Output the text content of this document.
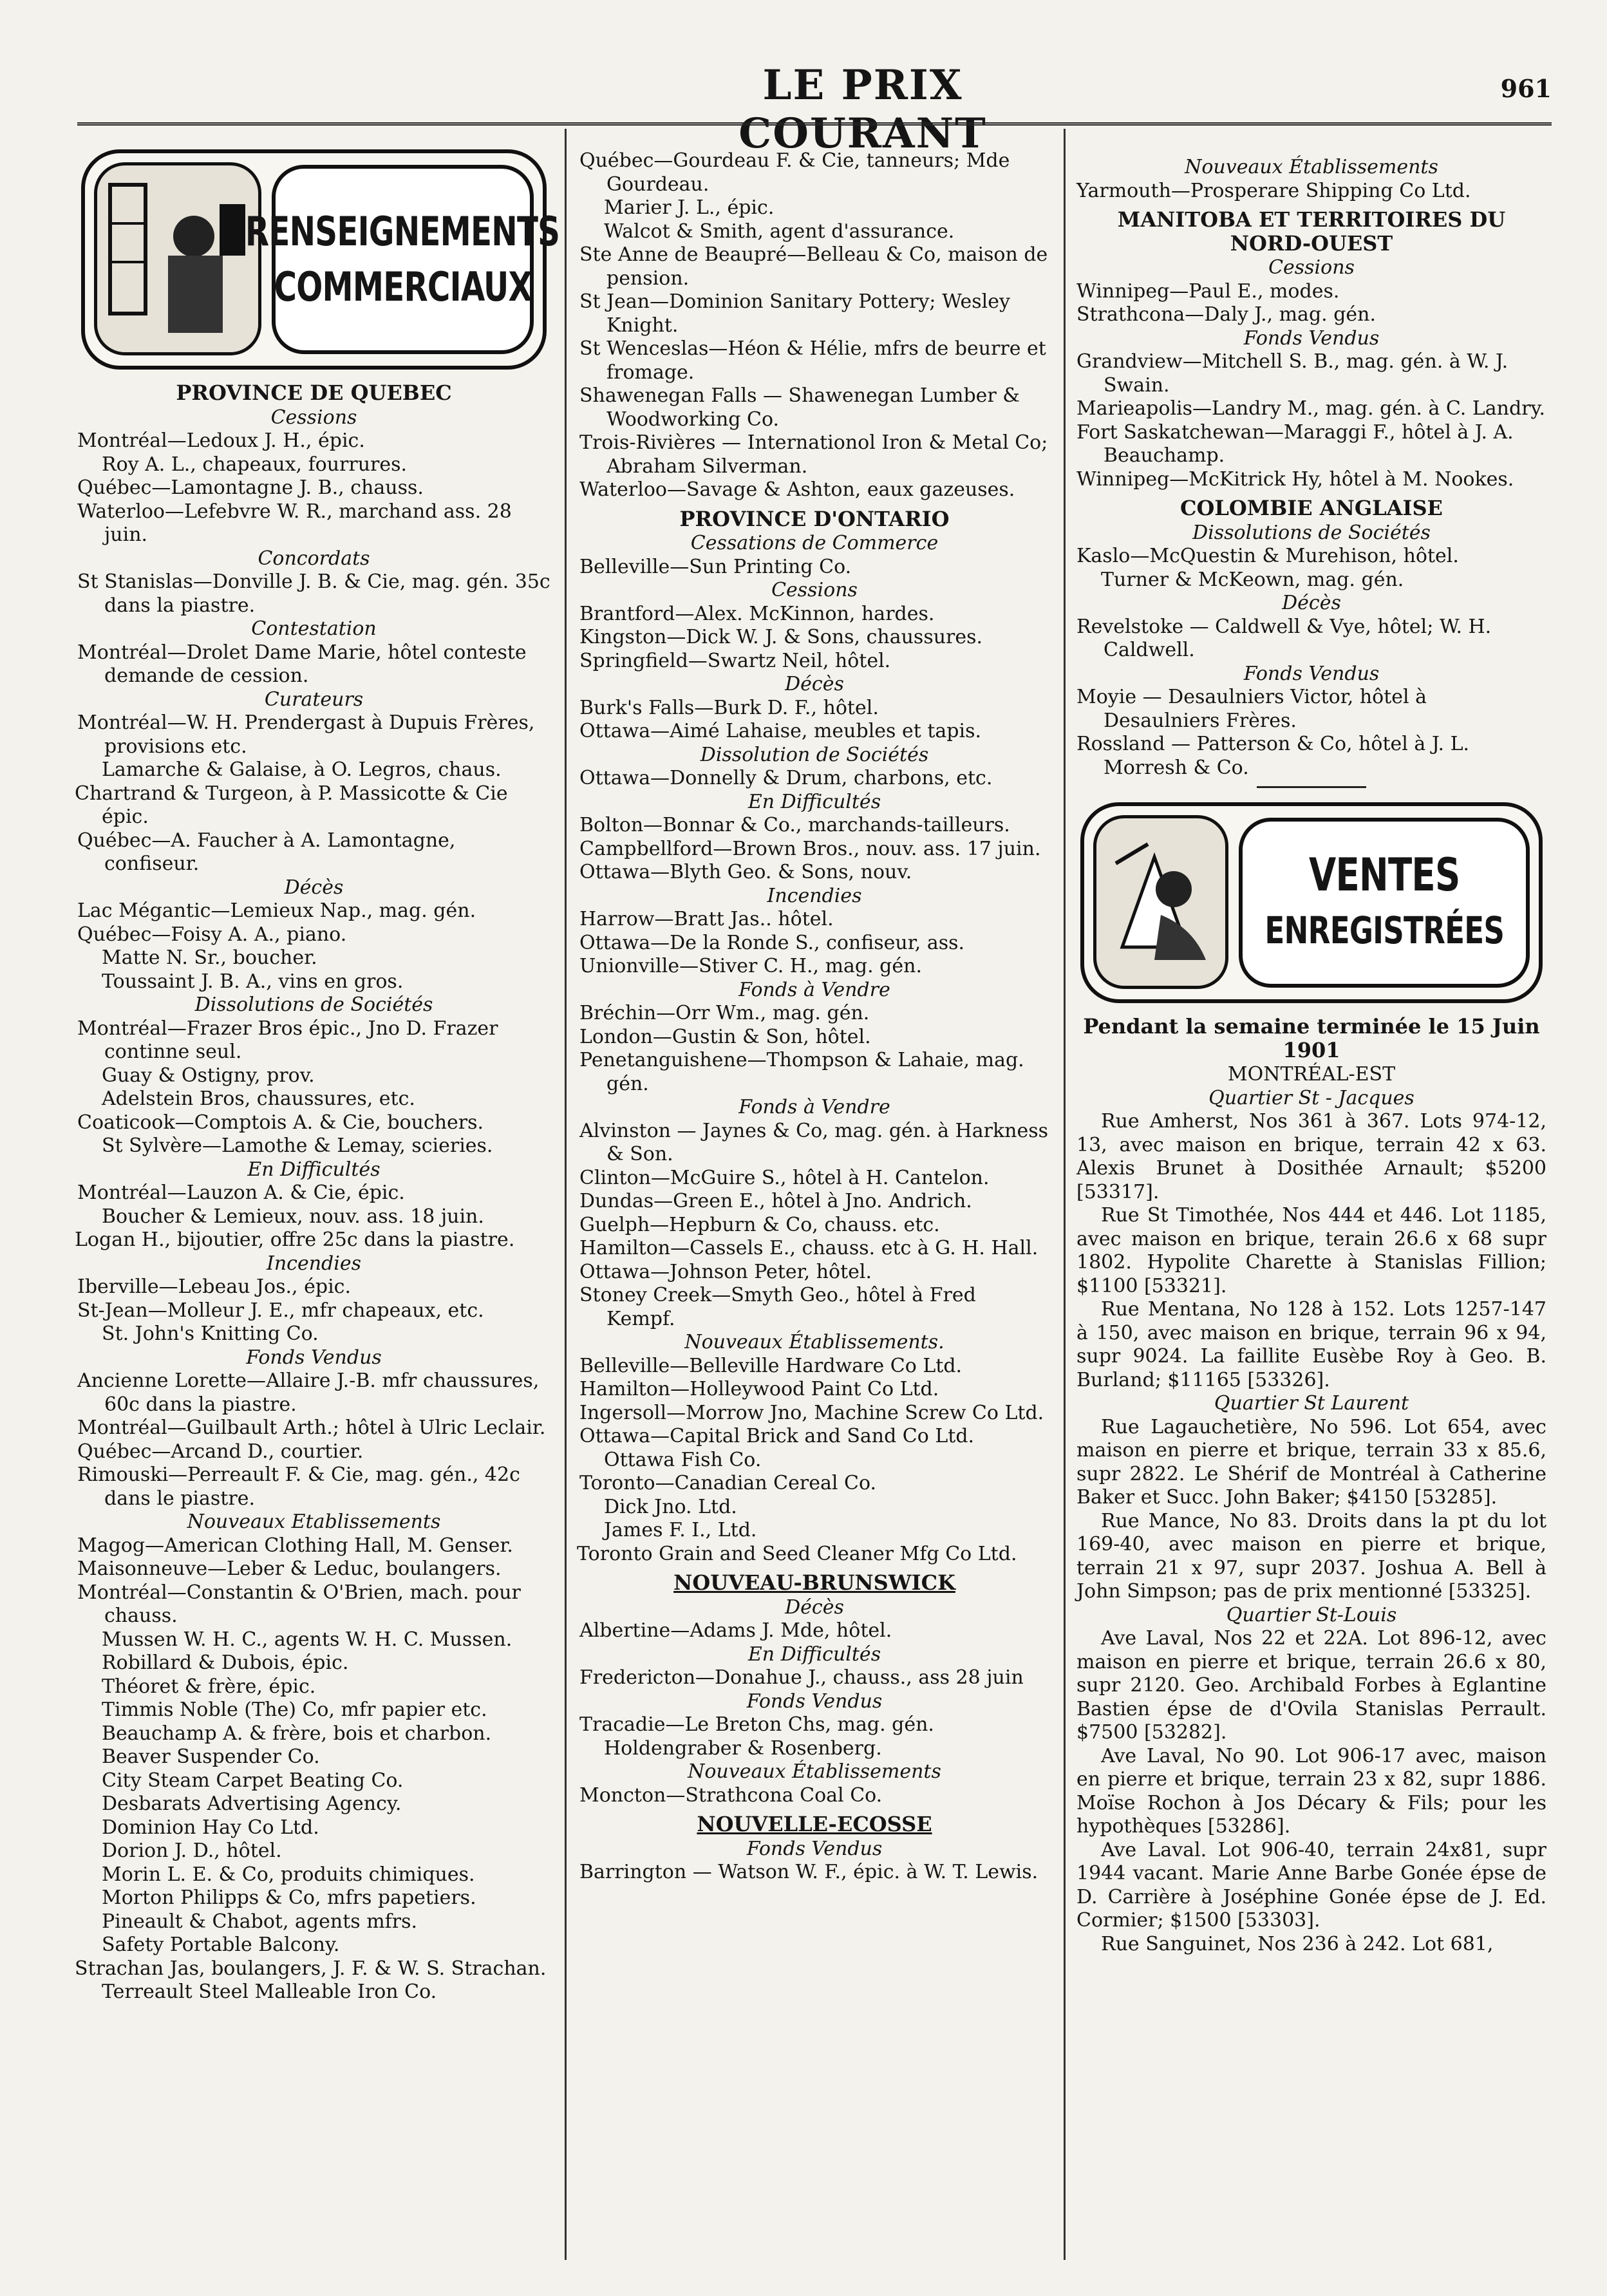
LE PRIX COURANT
961
RENSEIGNEMENTS
COMMERCIAUX

PROVINCE DE QUEBEC

Cessions

Montréal—Ledoux J. H., épic.

Roy A. L., chapeaux, fourrures.

Québec—Lamontagne J. B., chauss.

Waterloo—Lefebvre W. R., marchand ass. 28 juin.

Concordats

St Stanislas—Donville J. B. & Cie, mag. gén. 35c dans la piastre.

Contestation

Montréal—Drolet Dame Marie, hôtel conteste demande de cession.

Curateurs

Montréal—W. H. Prendergast à Dupuis Frères, provisions etc.

Lamarche & Galaise, à O. Legros, chaus.

Chartrand & Turgeon, à P. Massicotte & Cie épic.

Québec—A. Faucher à A. Lamontagne, confiseur.

Décès

Lac Mégantic—Lemieux Nap., mag. gén.

Québec—Foisy A. A., piano.

Matte N. Sr., boucher.

Toussaint J. B. A., vins en gros.

Dissolutions de Sociétés

Montréal—Frazer Bros épic., Jno D. Frazer continne seul.

Guay & Ostigny, prov.

Adelstein Bros, chaussures, etc.

Coaticook—Comptois A. & Cie, bouchers.

St Sylvère—Lamothe & Lemay, scieries.

En Difficultés

Montréal—Lauzon A. & Cie, épic.

Boucher & Lemieux, nouv. ass. 18 juin.

Logan H., bijoutier, offre 25c dans la piastre.

Incendies

Iberville—Lebeau Jos., épic.

St-Jean—Molleur J. E., mfr chapeaux, etc.

St. John's Knitting Co.

Fonds Vendus

Ancienne Lorette—Allaire J.-B. mfr chaussures, 60c dans la piastre.

Montréal—Guilbault Arth.; hôtel à Ulric Leclair.

Québec—Arcand D., courtier.

Rimouski—Perreault F. & Cie, mag. gén., 42c dans le piastre.

Nouveaux Etablissements

Magog—American Clothing Hall, M. Genser.

Maisonneuve—Leber & Leduc, boulangers.

Montréal—Constantin & O'Brien, mach. pour chauss.

Mussen W. H. C., agents W. H. C. Mussen.

Robillard & Dubois, épic.

Théoret & frère, épic.

Timmis Noble (The) Co, mfr papier etc.

Beauchamp A. & frère, bois et charbon.

Beaver Suspender Co.

City Steam Carpet Beating Co.

Desbarats Advertising Agency.

Dominion Hay Co Ltd.

Dorion J. D., hôtel.

Morin L. E. & Co, produits chimiques.

Morton Philipps & Co, mfrs papetiers.

Pineault & Chabot, agents mfrs.

Safety Portable Balcony.

Strachan Jas, boulangers, J. F. & W. S. Strachan.

Terreault Steel Malleable Iron Co.

Québec—Gourdeau F. & Cie, tanneurs; Mde Gourdeau.

Marier J. L., épic.

Walcot & Smith, agent d'assurance.

Ste Anne de Beaupré—Belleau & Co, maison de pension.

St Jean—Dominion Sanitary Pottery; Wesley Knight.

St Wenceslas—Héon & Hélie, mfrs de beurre et fromage.

Shawenegan Falls — Shawenegan Lumber & Woodworking Co.

Trois-Rivières — Internationol Iron & Metal Co; Abraham Silverman.

Waterloo—Savage & Ashton, eaux gazeuses.

PROVINCE D'ONTARIO

Cessations de Commerce

Belleville—Sun Printing Co.

Cessions

Brantford—Alex. McKinnon, hardes.

Kingston—Dick W. J. & Sons, chaussures.

Springfield—Swartz Neil, hôtel.

Décès

Burk's Falls—Burk D. F., hôtel.

Ottawa—Aimé Lahaise, meubles et tapis.

Dissolution de Sociétés

Ottawa—Donnelly & Drum, charbons, etc.

En Difficultés

Bolton—Bonnar & Co., marchands-tailleurs.

Campbellford—Brown Bros., nouv. ass. 17 juin.

Ottawa—Blyth Geo. & Sons, nouv.

Incendies

Harrow—Bratt Jas.. hôtel.

Ottawa—De la Ronde S., confiseur, ass.

Unionville—Stiver C. H., mag. gén.

Fonds à Vendre

Bréchin—Orr Wm., mag. gén.

London—Gustin & Son, hôtel.

Penetanguishene—Thompson & Lahaie, mag. gén.

Fonds à Vendre

Alvinston — Jaynes & Co, mag. gén. à Harkness & Son.

Clinton—McGuire S., hôtel à H. Cantelon.

Dundas—Green E., hôtel à Jno. Andrich.

Guelph—Hepburn & Co, chauss. etc.

Hamilton—Cassels E., chauss. etc à G. H. Hall.

Ottawa—Johnson Peter, hôtel.

Stoney Creek—Smyth Geo., hôtel à Fred Kempf.

Nouveaux Établissements.

Belleville—Belleville Hardware Co Ltd.

Hamilton—Holleywood Paint Co Ltd.

Ingersoll—Morrow Jno, Machine Screw Co Ltd.

Ottawa—Capital Brick and Sand Co Ltd.

Ottawa Fish Co.

Toronto—Canadian Cereal Co.

Dick Jno. Ltd.

James F. I., Ltd.

Toronto Grain and Seed Cleaner Mfg Co Ltd.

NOUVEAU-BRUNSWICK

Décès

Albertine—Adams J. Mde, hôtel.

En Difficultés

Fredericton—Donahue J., chauss., ass 28 juin

Fonds Vendus

Tracadie—Le Breton Chs, mag. gén.

Holdengraber & Rosenberg.

Nouveaux Établissements

Moncton—Strathcona Coal Co.

NOUVELLE-ECOSSE

Fonds Vendus

Barrington — Watson W. F., épic. à W. T. Lewis.

Nouveaux Établissements

Yarmouth—Prosperare Shipping Co Ltd.

MANITOBA ET TERRITOIRES DU NORD-OUEST

Cessions

Winnipeg—Paul E., modes.

Strathcona—Daly J., mag. gén.

Fonds Vendus

Grandview—Mitchell S. B., mag. gén. à W. J. Swain.

Marieapolis—Landry M., mag. gén. à C. Landry.

Fort Saskatchewan—Maraggi F., hôtel à J. A. Beauchamp.

Winnipeg—McKitrick Hy, hôtel à M. Nookes.

COLOMBIE ANGLAISE

Dissolutions de Sociétés

Kaslo—McQuestin & Murehison, hôtel.

Turner & McKeown, mag. gén.

Décès

Revelstoke — Caldwell & Vye, hôtel; W. H. Caldwell.

Fonds Vendus

Moyie — Desaulniers Victor, hôtel à Desaulniers Frères.

Rossland — Patterson & Co, hôtel à J. L. Morresh & Co.

VENTES
ENREGISTRÉES

Pendant la semaine terminée le 15 Juin 1901

MONTRÉAL-EST

Quartier St - Jacques

Rue Amherst, Nos 361 à 367. Lots 974-12, 13, avec maison en brique, terrain 42 x 63. Alexis Brunet à Dosithée Arnault; $5200 [53317].

Rue St Timothée, Nos 444 et 446. Lot 1185, avec maison en brique, terain 26.6 x 68 supr 1802. Hypolite Charette à Stanislas Fillion; $1100 [53321].

Rue Mentana, No 128 à 152. Lots 1257-147 à 150, avec maison en brique, terrain 96 x 94, supr 9024. La faillite Eusèbe Roy à Geo. B. Burland; $11165 [53326].

Quartier St Laurent

Rue Lagauchetière, No 596. Lot 654, avec maison en pierre et brique, terrain 33 x 85.6, supr 2822. Le Shérif de Montréal à Catherine Baker et Succ. John Baker; $4150 [53285].

Rue Mance, No 83. Droits dans la pt du lot 169-40, avec maison en pierre et brique, terrain 21 x 97, supr 2037. Joshua A. Bell à John Simpson; pas de prix mentionné [53325].

Quartier St-Louis

Ave Laval, Nos 22 et 22A. Lot 896-12, avec maison en pierre et brique, terrain 26.6 x 80, supr 2120. Geo. Archibald Forbes à Eglantine Bastien épse de d'Ovila Stanislas Perrault. $7500 [53282].

Ave Laval, No 90. Lot 906-17 avec, maison en pierre et brique, terrain 23 x 82, supr 1886. Moïse Rochon à Jos Décary & Fils; pour les hypothèques [53286].

Ave Laval. Lot 906-40, terrain 24x81, supr 1944 vacant. Marie Anne Barbe Gonée épse de D. Carrière à Joséphine Gonée épse de J. Ed. Cormier; $1500 [53303].

Rue Sanguinet, Nos 236 à 242. Lot 681,
